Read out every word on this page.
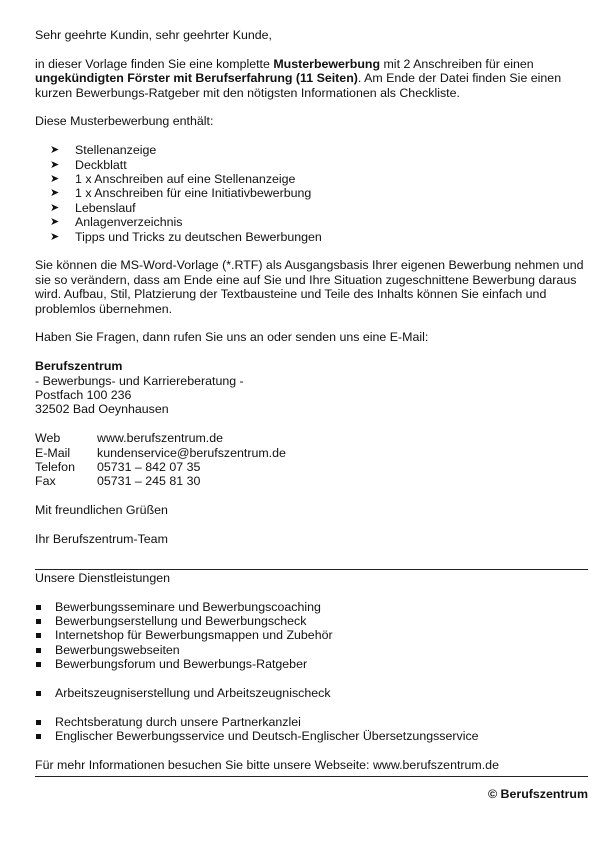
Sehr geehrte Kundin, sehr geehrter Kunde,

in dieser Vorlage finden Sie eine komplette Musterbewerbung mit 2 Anschreiben für einen ungekündigten Förster mit Berufserfahrung (11 Seiten). Am Ende der Datei finden Sie einen kurzen Bewerbungs-Ratgeber mit den nötigsten Informationen als Checkliste.

Diese Musterbewerbung enthält:

➤ Stellenanzeige
➤ Deckblatt
➤ 1 x Anschreiben auf eine Stellenanzeige
➤ 1 x Anschreiben für eine Initiativbewerbung
➤ Lebenslauf
➤ Anlagenverzeichnis
➤ Tipps und Tricks zu deutschen Bewerbungen

Sie können die MS-Word-Vorlage (*.RTF) als Ausgangsbasis Ihrer eigenen Bewerbung nehmen und sie so verändern, dass am Ende eine auf Sie und Ihre Situation zugeschnittene Bewerbung daraus wird. Aufbau, Stil, Platzierung der Textbausteine und Teile des Inhalts können Sie einfach und problemlos übernehmen.

Haben Sie Fragen, dann rufen Sie uns an oder senden uns eine E-Mail:

Berufszentrum

- Bewerbungs- und Karriereberatung -

Postfach 100 236

32502 Bad Oeynhausen

Web	www.berufszentrum.de
E-Mail	kundenservice@berufszentrum.de
Telefon	05731 – 842 07 35
Fax	05731 – 245 81 30

Mit freundlichen Grüßen

Ihr Berufszentrum-Team

Unsere Dienstleistungen

Bewerbungsseminare und Bewerbungscoaching
Bewerbungserstellung und Bewerbungscheck
Internetshop für Bewerbungsmappen und Zubehör
Bewerbungswebseiten
Bewerbungsforum und Bewerbungs-Ratgeber
Arbeitszeugniserstellung und Arbeitszeugnischeck
Rechtsberatung durch unsere Partnerkanzlei
Englischer Bewerbungsservice und Deutsch-Englischer Übersetzungsservice

Für mehr Informationen besuchen Sie bitte unsere Webseite: www.berufszentrum.de

© Berufszentrum
